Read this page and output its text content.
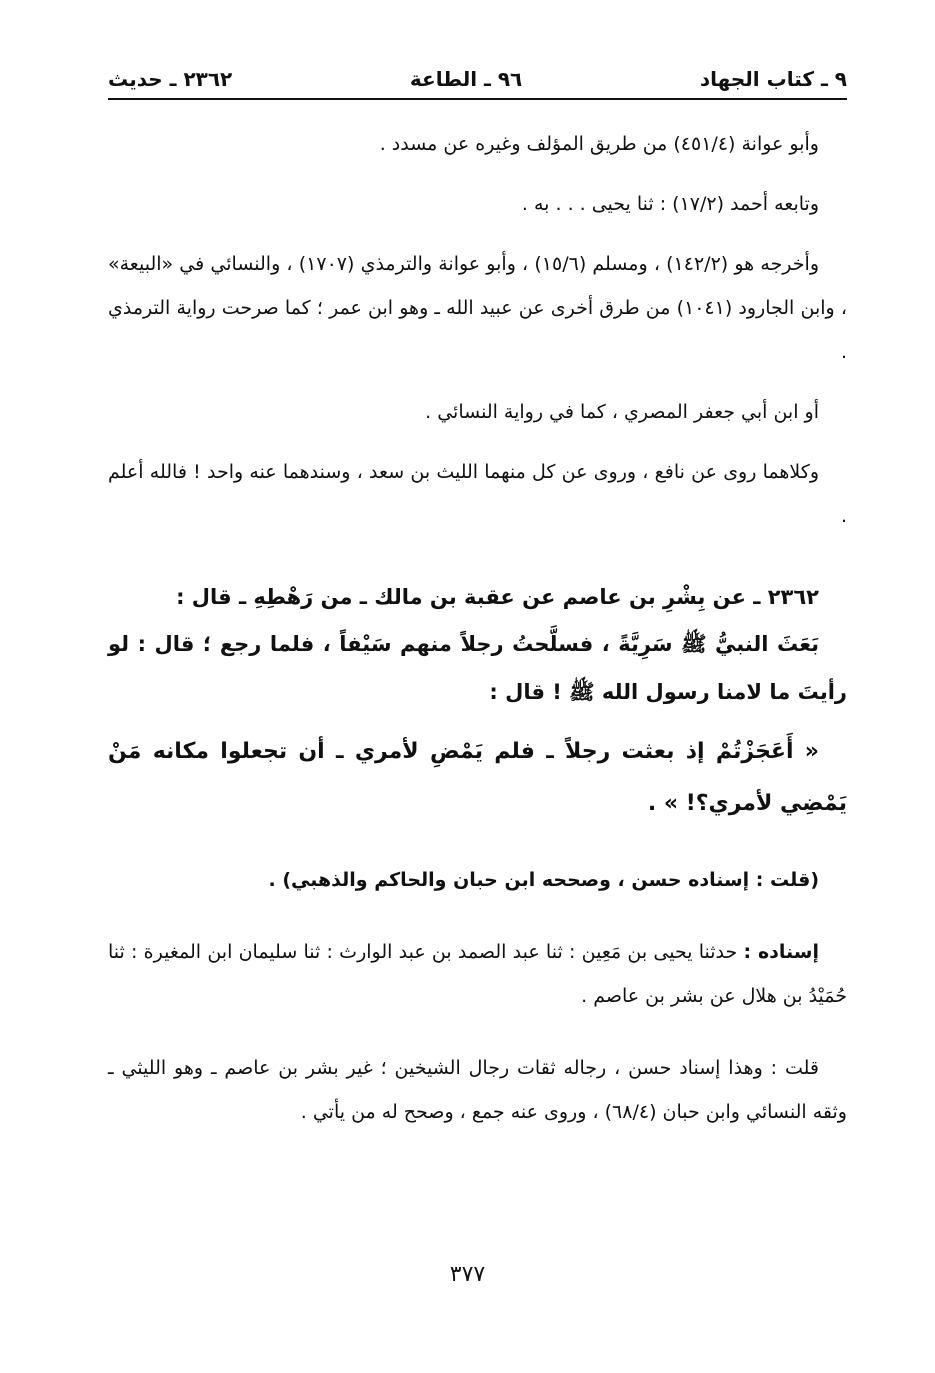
٩ ـ كتاب الجهاد
٩٦ ـ الطاعة
٢٣٦٢ ـ حديث

وأبو عوانة (٤٥١/٤) من طريق المؤلف وغيره عن مسدد .

وتابعه أحمد (١٧/٢) : ثنا يحيى . . . به .

وأخرجه هو (١٤٢/٢) ، ومسلم (١٥/٦) ، وأبو عوانة والترمذي (١٧٠٧) ، والنسائي في «البيعة» ، وابن الجارود (١٠٤١) من طرق أخرى عن عبيد الله ـ وهو ابن عمر ؛ كما صرحت رواية الترمذي .

أو ابن أبي جعفر المصري ، كما في رواية النسائي .

وكلاهما روى عن نافع ، وروى عن كل منهما الليث بن سعد ، وسندهما عنه واحد ! فالله أعلم .

٢٣٦٢ ـ عن بِشْرِ بن عاصم عن عقبة بن مالك ـ من رَهْطِهِ ـ قال :

بَعَثَ النبيُّ ﷺ سَرِيَّةً ، فسلَّحتُ رجلاً منهم سَيْفاً ، فلما رجع ؛ قال : لو رأيتَ ما لامنا رسول الله ﷺ ! قال :

« أَعَجَزْتُمْ إذ بعثت رجلاً ـ فلم يَمْضِ لأمري ـ أن تجعلوا مكانه مَنْ يَمْضِي لأمري؟! » .

(قلت : إسناده حسن ، وصححه ابن حبان والحاكم والذهبي) .

إسناده : حدثنا يحيى بن مَعِين : ثنا عبد الصمد بن عبد الوارث : ثنا سليمان ابن المغيرة : ثنا حُمَيْدُ بن هلال عن بشر بن عاصم .

قلت : وهذا إسناد حسن ، رجاله ثقات رجال الشيخين ؛ غير بشر بن عاصم ـ وهو الليثي ـ وثقه النسائي وابن حبان (٦٨/٤) ، وروى عنه جمع ، وصحح له من يأتي .

٣٧٧
